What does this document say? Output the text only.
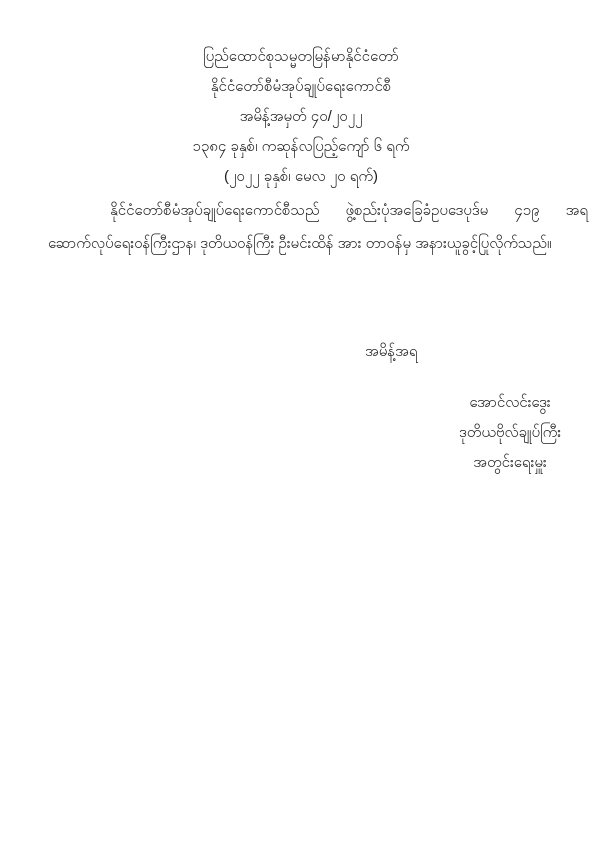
ပြည်ထောင်စုသမ္မတမြန်မာနိုင်ငံတော်
နိုင်ငံတော်စီမံအုပ်ချုပ်ရေးကောင်စီ
အမိန့်အမှတ် ၄၀/၂၀၂၂
၁၃၈၄ ခုနှစ်၊ ကဆုန်လပြည့်ကျော် ၆ ရက်
(၂၀၂၂ ခုနှစ်၊ မေလ ၂၀ ရက်)
နိုင်ငံတော်စီမံအုပ်ချုပ်ရေးကောင်စီသည် ဖွဲ့စည်းပုံအခြေခံဥပဒေပုဒ်မ ၄၁၉ အရ
ဆောက်လုပ်ရေးဝန်ကြီးဌာန၊ ဒုတိယဝန်ကြီး ဦးမင်းထိန် အား တာဝန်မှ အနားယူခွင့်ပြုလိုက်သည်။
အမိန့်အရ
အောင်လင်းဒွေး
ဒုတိယဗိုလ်ချုပ်ကြီး
အတွင်းရေးမှူး
